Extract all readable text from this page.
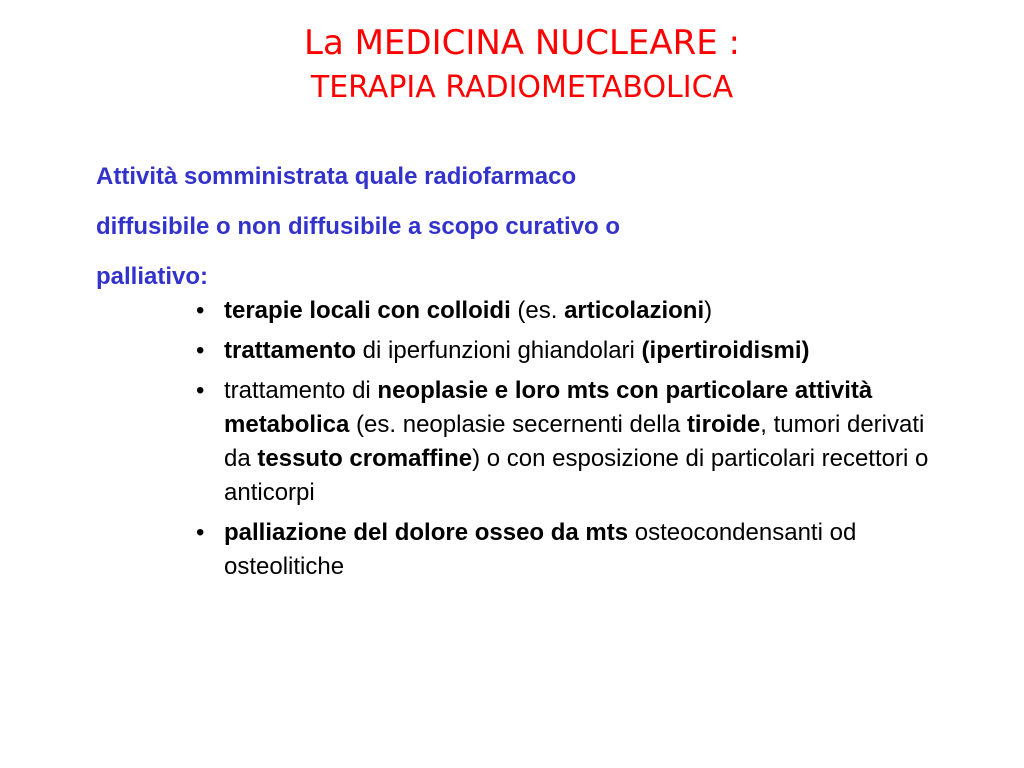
La MEDICINA NUCLEARE :
TERAPIA RADIOMETABOLICA
Attività somministrata quale radiofarmaco
diffusibile o non diffusibile a scopo curativo o
palliativo:
• terapie locali con colloidi (es. articolazioni)
• trattamento di iperfunzioni ghiandolari (ipertiroidismi)
• trattamento di neoplasie e loro mts con particolare attività metabolica (es. neoplasie secernenti della tiroide, tumori derivati da tessuto cromaffine) o con esposizione di particolari recettori o anticorpi
• palliazione del dolore osseo da mts osteocondensanti od osteolitiche
